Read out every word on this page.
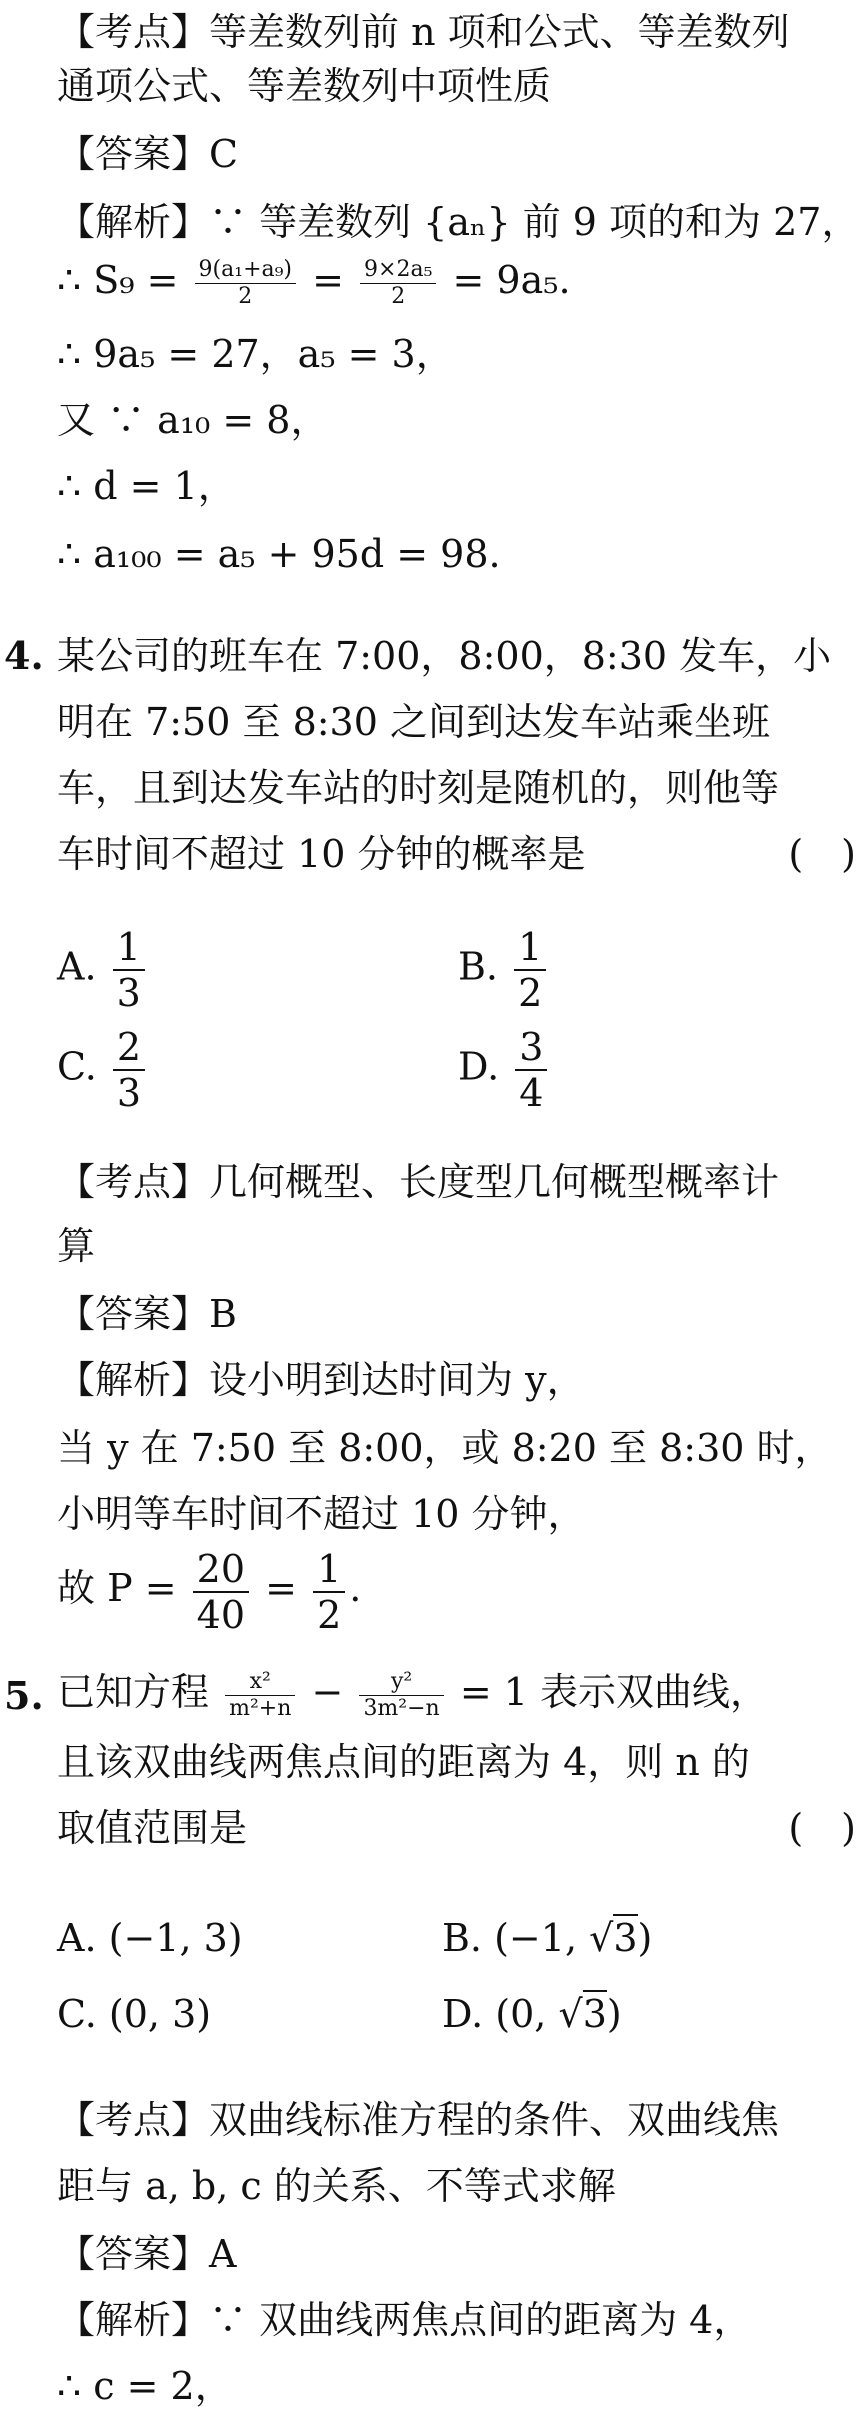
【考点】等差数列前 n 项和公式、等差数列
通项公式、等差数列中项性质
【答案】C
【解析】∵ 等差数列 {aₙ} 前 9 项的和为 27，
∴ $S_9 = \frac{\text{9(a₁+a₉)}}{2} = \frac{\text{9×2a₅}}{2} = 9a_5$.
∴ 9a₅ = 27，a₅ = 3，
又 ∵ a₁₀ = 8，
∴ d = 1，
∴ a₁₀₀ = a₅ + 95d = 98.
4. 某公司的班车在 7:00，8:00，8:30 发车，小
明在 7:50 至 8:30 之间到达发车站乘坐班
车，且到达发车站的时刻是随机的，则他等
车时间不超过 10 分钟的概率是	(　)
A. $\frac{1}{3}$	B. $\frac{1}{2}$
C. $\frac{2}{3}$	D. $\frac{3}{4}$
【考点】几何概型、长度型几何概型概率计
算
【答案】B
【解析】设小明到达时间为 y，
当 y 在 7:50 至 8:00，或 8:20 至 8:30 时，
小明等车时间不超过 10 分钟，
故 $P = \frac{20}{40} = \frac{1}{2}$ .
5. 已知方程 $\frac{\text{x²}}{\text{m²+n}} - \frac{\text{y²}}{\text{3m²−n}} = 1$ 表示双曲线，
且该双曲线两焦点间的距离为 4，则 n 的
取值范围是	(　)
A. (−1, 3)	B. (−1, √3)
C. (0, 3)	D. (0, √3)
【考点】双曲线标准方程的条件、双曲线焦
距与 a, b, c 的关系、不等式求解
【答案】A
【解析】∵ 双曲线两焦点间的距离为 4，
∴ c = 2，
